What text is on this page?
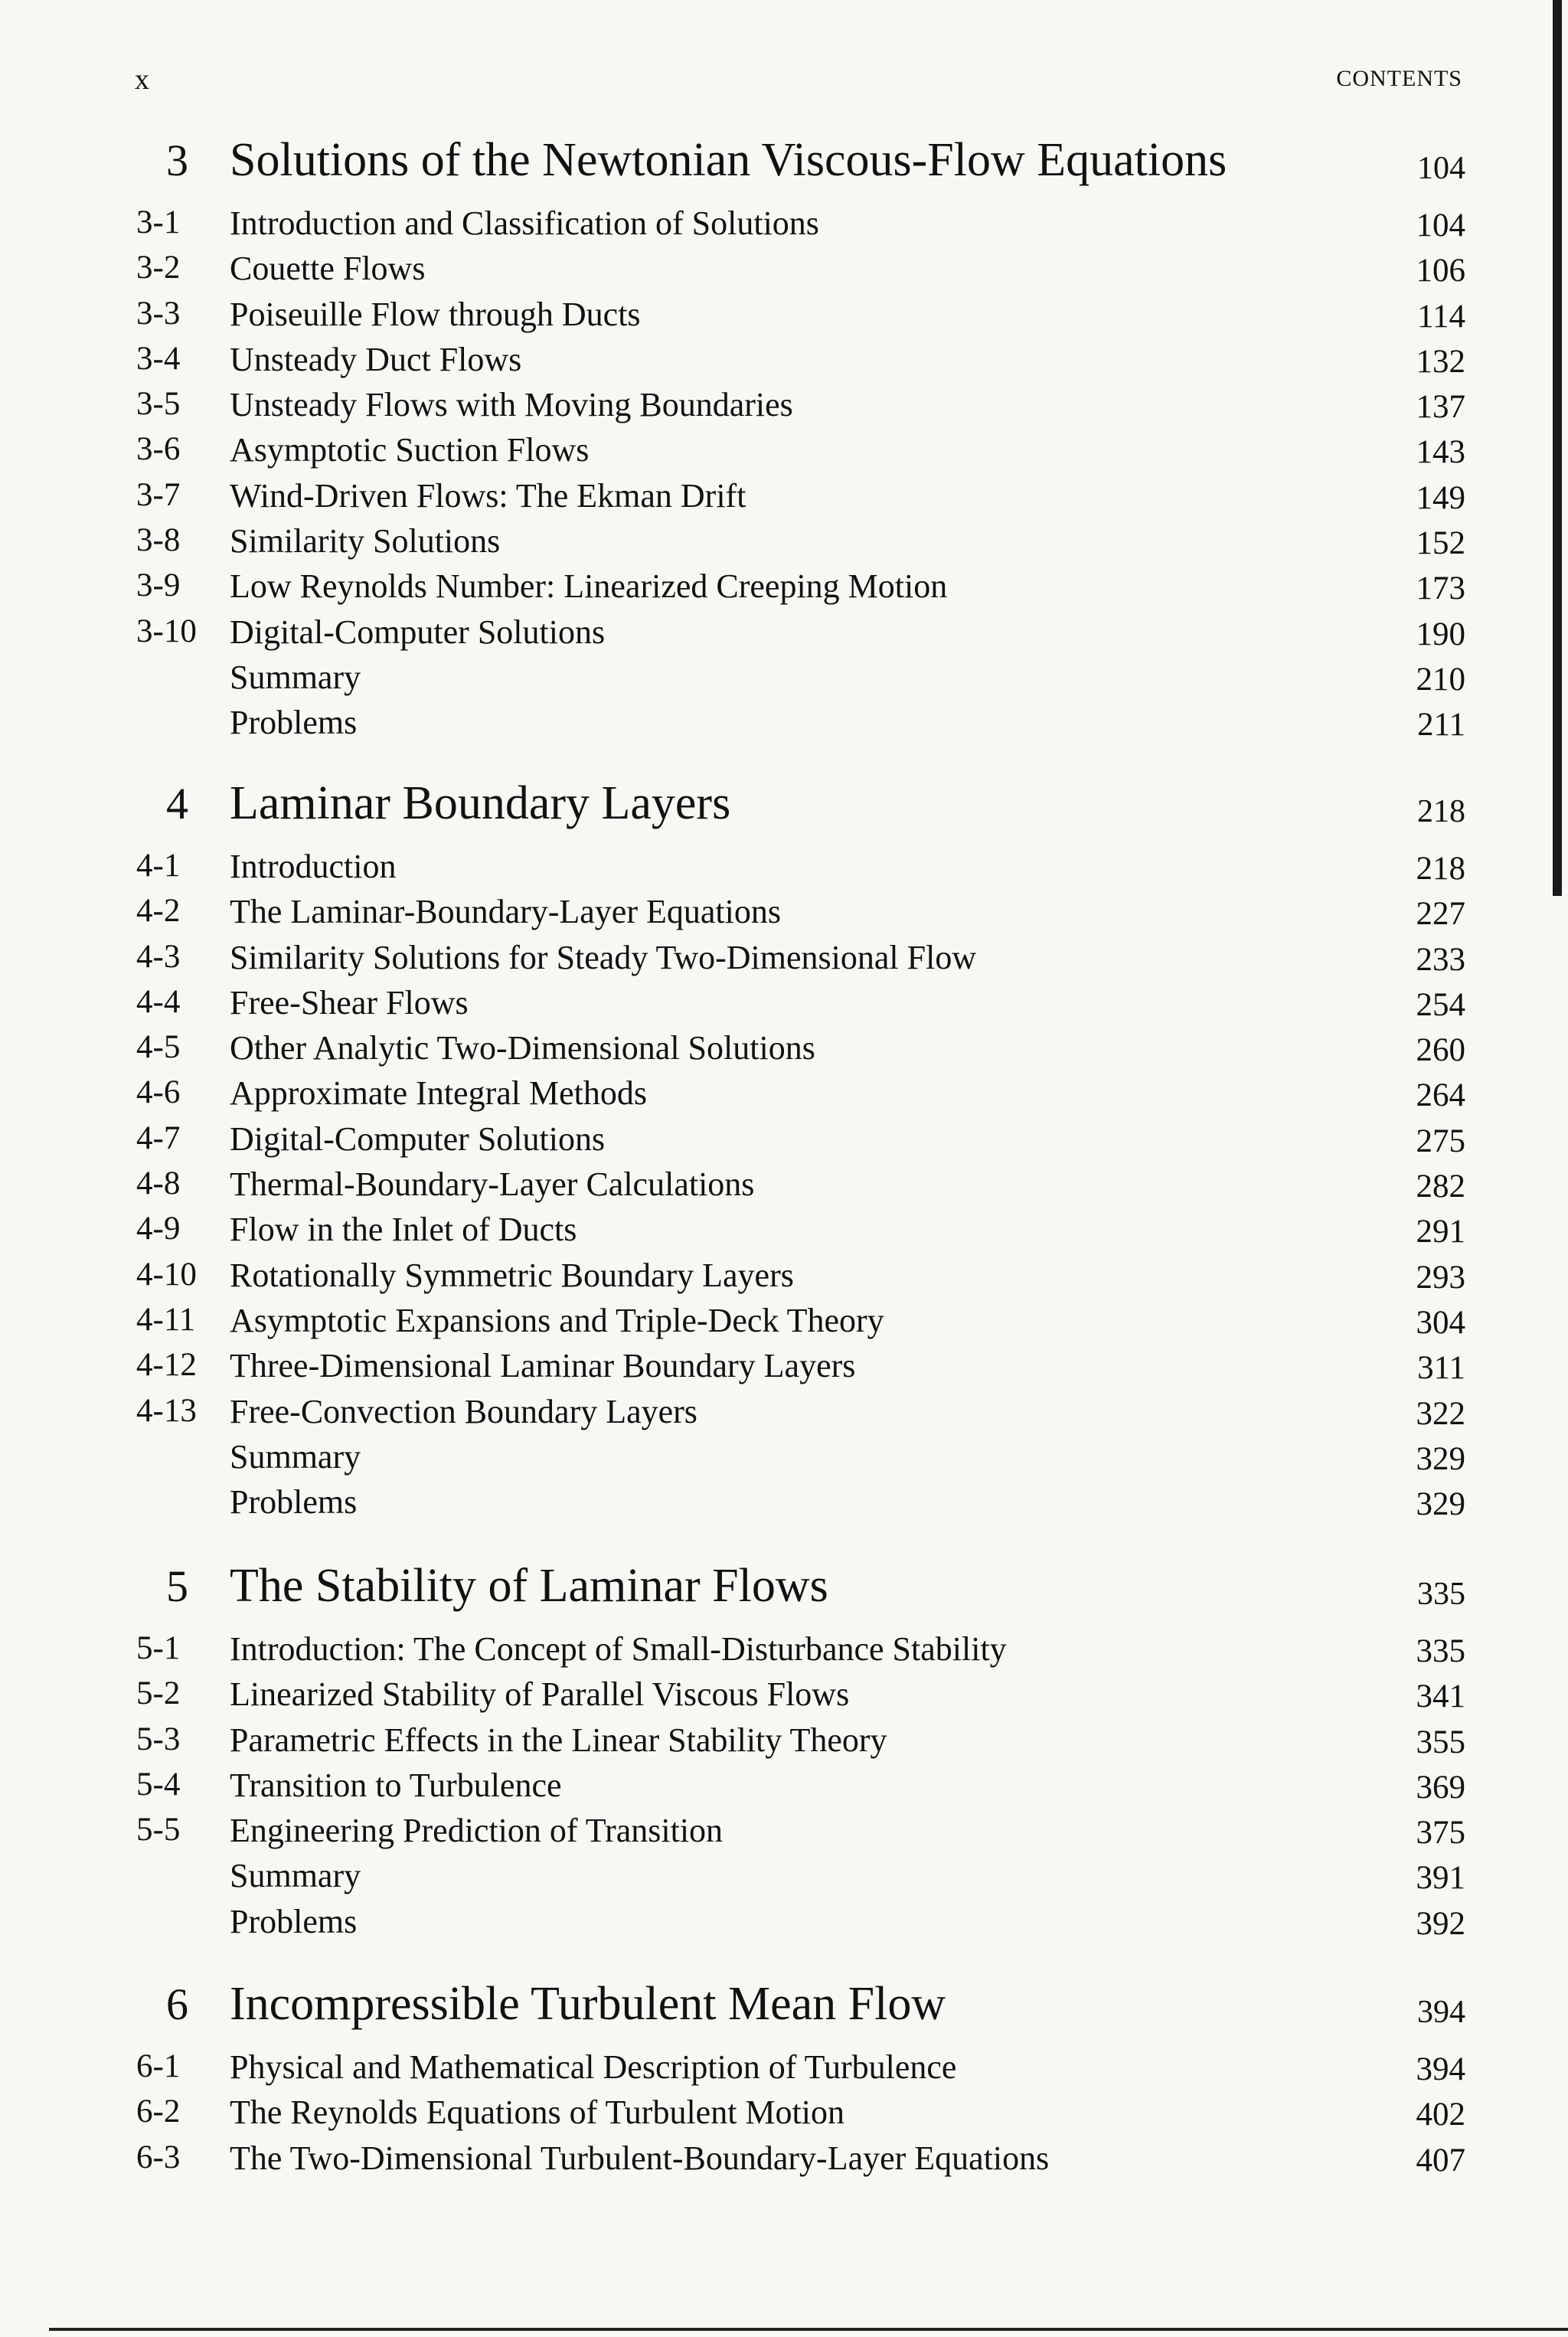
x	CONTENTS
3 Solutions of the Newtonian Viscous-Flow Equations	104
3-1 Introduction and Classification of Solutions	104
3-2 Couette Flows	106
3-3 Poiseuille Flow through Ducts	114
3-4 Unsteady Duct Flows	132
3-5 Unsteady Flows with Moving Boundaries	137
3-6 Asymptotic Suction Flows	143
3-7 Wind-Driven Flows: The Ekman Drift	149
3-8 Similarity Solutions	152
3-9 Low Reynolds Number: Linearized Creeping Motion	173
3-10 Digital-Computer Solutions	190
Summary	210
Problems	211
4 Laminar Boundary Layers	218
4-1 Introduction	218
4-2 The Laminar-Boundary-Layer Equations	227
4-3 Similarity Solutions for Steady Two-Dimensional Flow	233
4-4 Free-Shear Flows	254
4-5 Other Analytic Two-Dimensional Solutions	260
4-6 Approximate Integral Methods	264
4-7 Digital-Computer Solutions	275
4-8 Thermal-Boundary-Layer Calculations	282
4-9 Flow in the Inlet of Ducts	291
4-10 Rotationally Symmetric Boundary Layers	293
4-11 Asymptotic Expansions and Triple-Deck Theory	304
4-12 Three-Dimensional Laminar Boundary Layers	311
4-13 Free-Convection Boundary Layers	322
Summary	329
Problems	329
5 The Stability of Laminar Flows	335
5-1 Introduction: The Concept of Small-Disturbance Stability	335
5-2 Linearized Stability of Parallel Viscous Flows	341
5-3 Parametric Effects in the Linear Stability Theory	355
5-4 Transition to Turbulence	369
5-5 Engineering Prediction of Transition	375
Summary	391
Problems	392
6 Incompressible Turbulent Mean Flow	394
6-1 Physical and Mathematical Description of Turbulence	394
6-2 The Reynolds Equations of Turbulent Motion	402
6-3 The Two-Dimensional Turbulent-Boundary-Layer Equations	407
